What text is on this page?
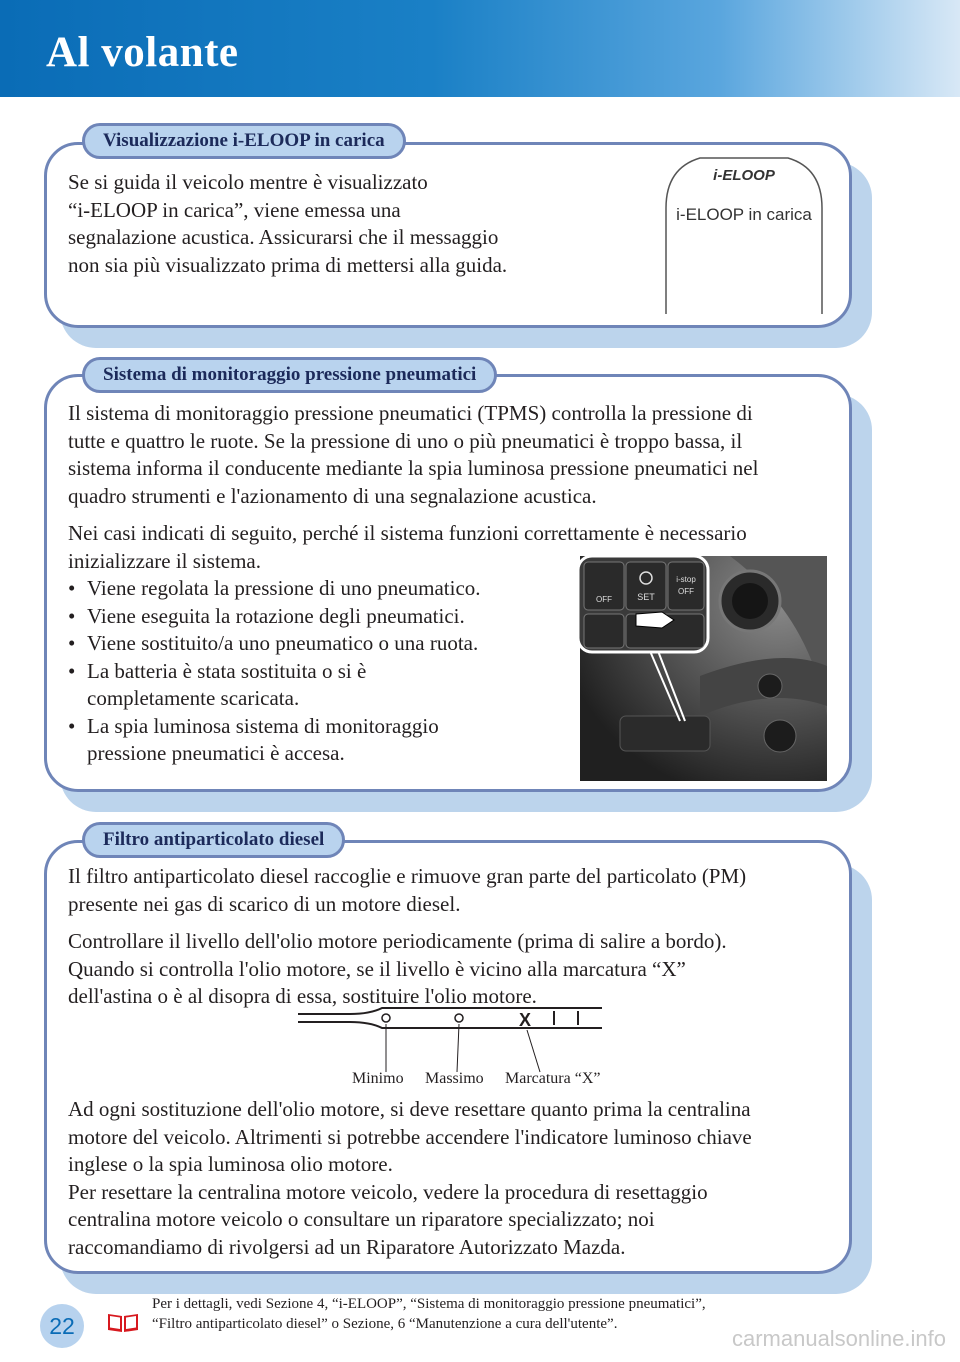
Al volante
Visualizzazione i-ELOOP in carica

Se si guida il veicolo mentre è visualizzato

“i-ELOOP in carica”, viene emessa una

segnalazione acustica. Assicurarsi che il messaggio

non sia più visualizzato prima di mettersi alla guida.

i-ELOOP
i-ELOOP in carica
Sistema di monitoraggio pressione pneumatici

Il sistema di monitoraggio pressione pneumatici (TPMS) controlla la pressione di

tutte e quattro le ruote. Se la pressione di uno o più pneumatici è troppo bassa, il

sistema informa il conducente mediante la spia luminosa pressione pneumatici nel

quadro strumenti e l'azionamento di una segnalazione acustica.

Nei casi indicati di seguito, perché il sistema funzioni correttamente è necessario

inizializzare il sistema.

• Viene regolata la pressione di uno pneumatico.
• Viene eseguita la rotazione degli pneumatici.
• Viene sostituito/a uno pneumatico o una ruota.
• La batteria è stata sostituita o si è completamente scaricata.
• La spia luminosa sistema di monitoraggio pressione pneumatici è accesa.
SET
i-stop
OFF
OFF
Filtro antiparticolato diesel

Il filtro antiparticolato diesel raccoglie e rimuove gran parte del particolato (PM)

presente nei gas di scarico di un motore diesel.

Controllare il livello dell'olio motore periodicamente (prima di salire a bordo).

Quando si controlla l'olio motore, se il livello è vicino alla marcatura “X”

dell'astina o è al disopra di essa, sostituire l'olio motore.

X
Minimo Massimo Marcatura “X”

Ad ogni sostituzione dell'olio motore, si deve resettare quanto prima la centralina

motore del veicolo. Altrimenti si potrebbe accendere l'indicatore luminoso chiave

inglese o la spia luminosa olio motore.

Per resettare la centralina motore veicolo, vedere la procedura di resettaggio

centralina motore veicolo o consultare un riparatore specializzato; noi

raccomandiamo di rivolgersi ad un Riparatore Autorizzato Mazda.

22
Per i dettagli, vedi Sezione 4, “i-ELOOP”, “Sistema di monitoraggio pressione pneumatici”,
“Filtro antiparticolato diesel” o Sezione, 6 “Manutenzione a cura dell'utente”.
carmanualsonline.info
